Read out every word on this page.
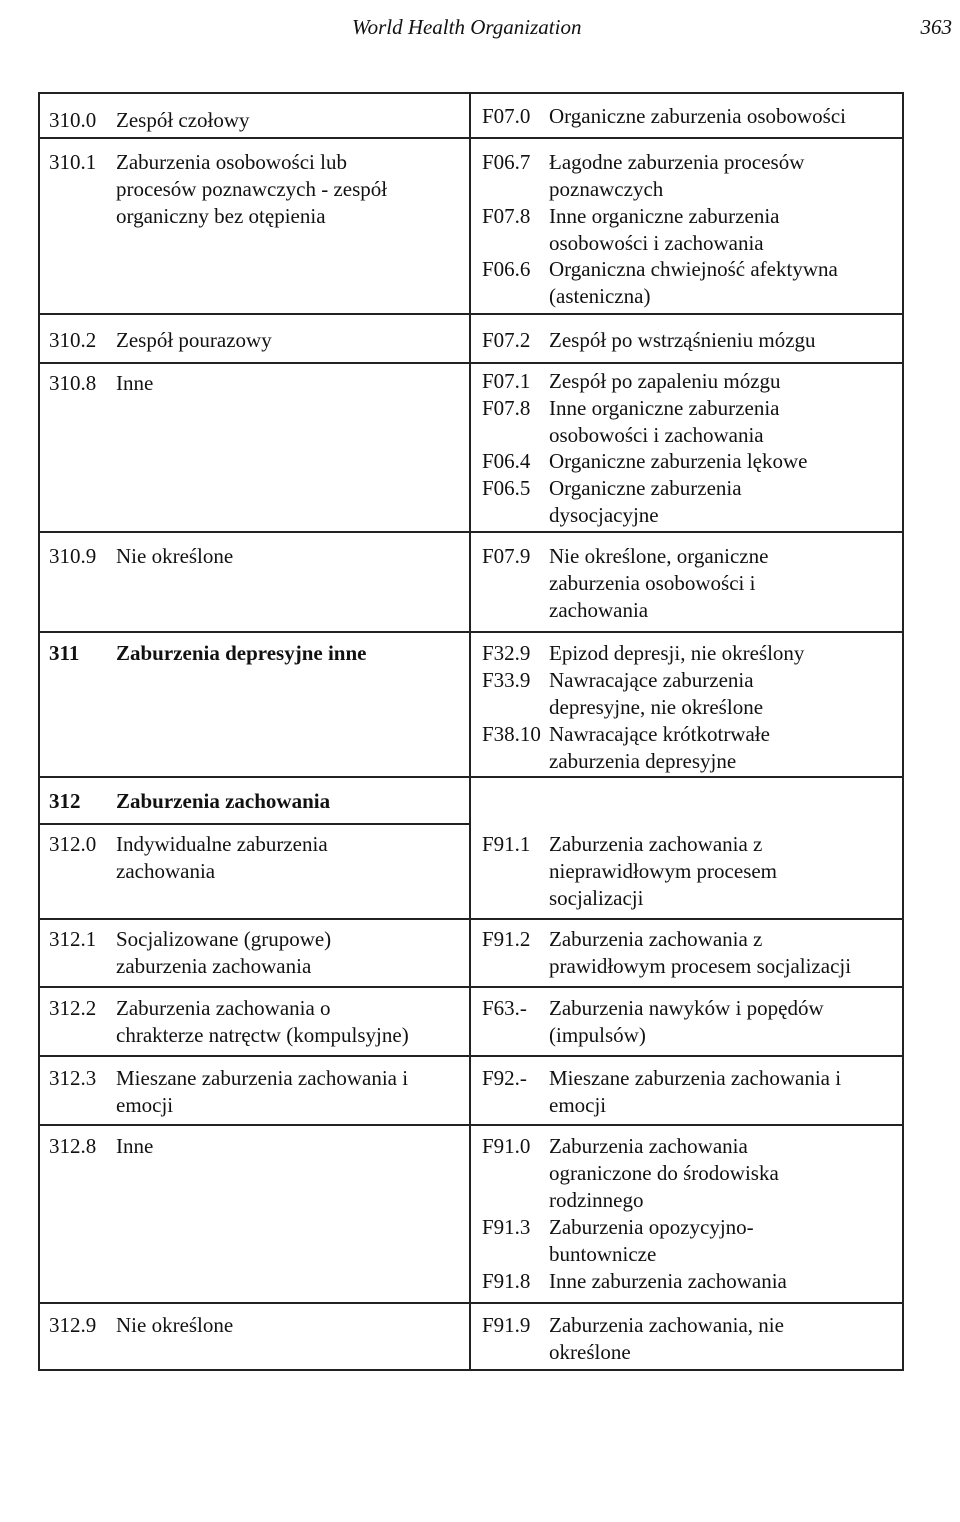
World Health Organization	363
310.0 Zespół czołowy
310.1 Zaburzenia osobowości lub
procesów poznawczych - zespół
organiczny bez otępienia
310.2 Zespół pourazowy
310.8 Inne
310.9 Nie określone
311 Zaburzenia depresyjne inne
312 Zaburzenia zachowania
312.0 Indywidualne zaburzenia
zachowania
312.1 Socjalizowane (grupowe)
zaburzenia zachowania
312.2 Zaburzenia zachowania o
chrakterze natręctw (kompulsyjne)
312.3 Mieszane zaburzenia zachowania i
emocji
312.8 Inne
312.9 Nie określone
F07.0 Organiczne zaburzenia osobowości
F06.7 Łagodne zaburzenia procesów
poznawczych
F07.8 Inne organiczne zaburzenia
osobowości i zachowania
F06.6 Organiczna chwiejność afektywna
(asteniczna)
F07.2 Zespół po wstrząśnieniu mózgu
F07.1 Zespół po zapaleniu mózgu
F07.8 Inne organiczne zaburzenia
osobowości i zachowania
F06.4 Organiczne zaburzenia lękowe
F06.5 Organiczne zaburzenia
dysocjacyjne
F07.9 Nie określone, organiczne
zaburzenia osobowości i
zachowania
F32.9 Epizod depresji, nie określony
F33.9 Nawracające zaburzenia
depresyjne, nie określone
F38.10 Nawracające krótkotrwałe
zaburzenia depresyjne
F91.1 Zaburzenia zachowania z
nieprawidłowym procesem
socjalizacji
F91.2 Zaburzenia zachowania z
prawidłowym procesem socjalizacji
F63.- Zaburzenia nawyków i popędów
(impulsów)
F92.- Mieszane zaburzenia zachowania i
emocji
F91.0 Zaburzenia zachowania
ograniczone do środowiska
rodzinnego
F91.3 Zaburzenia opozycyjno-
buntownicze
F91.8 Inne zaburzenia zachowania
F91.9 Zaburzenia zachowania, nie
określone
